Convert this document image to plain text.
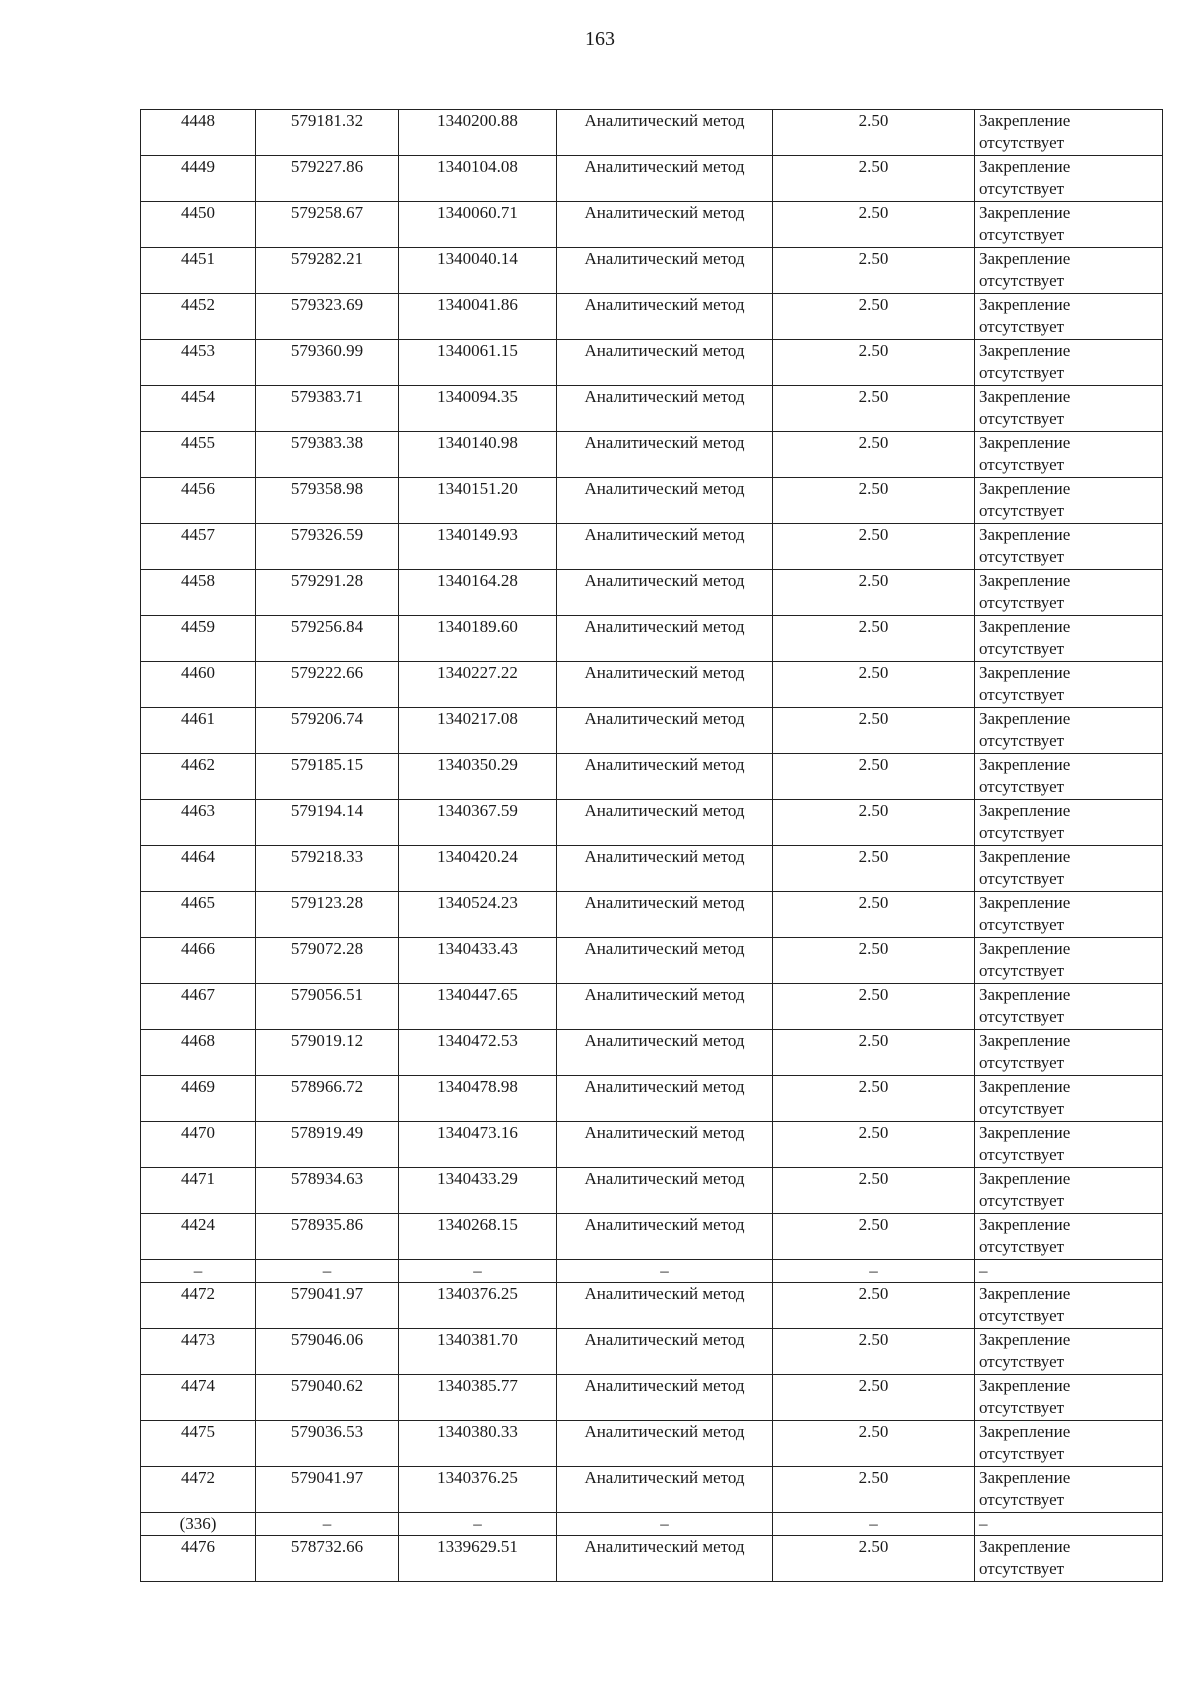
163
4448	579181.32	1340200.88	Аналитический метод	2.50	Закрепление отсутствует
4449	579227.86	1340104.08	Аналитический метод	2.50	Закрепление отсутствует
4450	579258.67	1340060.71	Аналитический метод	2.50	Закрепление отсутствует
4451	579282.21	1340040.14	Аналитический метод	2.50	Закрепление отсутствует
4452	579323.69	1340041.86	Аналитический метод	2.50	Закрепление отсутствует
4453	579360.99	1340061.15	Аналитический метод	2.50	Закрепление отсутствует
4454	579383.71	1340094.35	Аналитический метод	2.50	Закрепление отсутствует
4455	579383.38	1340140.98	Аналитический метод	2.50	Закрепление отсутствует
4456	579358.98	1340151.20	Аналитический метод	2.50	Закрепление отсутствует
4457	579326.59	1340149.93	Аналитический метод	2.50	Закрепление отсутствует
4458	579291.28	1340164.28	Аналитический метод	2.50	Закрепление отсутствует
4459	579256.84	1340189.60	Аналитический метод	2.50	Закрепление отсутствует
4460	579222.66	1340227.22	Аналитический метод	2.50	Закрепление отсутствует
4461	579206.74	1340217.08	Аналитический метод	2.50	Закрепление отсутствует
4462	579185.15	1340350.29	Аналитический метод	2.50	Закрепление отсутствует
4463	579194.14	1340367.59	Аналитический метод	2.50	Закрепление отсутствует
4464	579218.33	1340420.24	Аналитический метод	2.50	Закрепление отсутствует
4465	579123.28	1340524.23	Аналитический метод	2.50	Закрепление отсутствует
4466	579072.28	1340433.43	Аналитический метод	2.50	Закрепление отсутствует
4467	579056.51	1340447.65	Аналитический метод	2.50	Закрепление отсутствует
4468	579019.12	1340472.53	Аналитический метод	2.50	Закрепление отсутствует
4469	578966.72	1340478.98	Аналитический метод	2.50	Закрепление отсутствует
4470	578919.49	1340473.16	Аналитический метод	2.50	Закрепление отсутствует
4471	578934.63	1340433.29	Аналитический метод	2.50	Закрепление отсутствует
4424	578935.86	1340268.15	Аналитический метод	2.50	Закрепление отсутствует
–	–	–	–	–	–
4472	579041.97	1340376.25	Аналитический метод	2.50	Закрепление отсутствует
4473	579046.06	1340381.70	Аналитический метод	2.50	Закрепление отсутствует
4474	579040.62	1340385.77	Аналитический метод	2.50	Закрепление отсутствует
4475	579036.53	1340380.33	Аналитический метод	2.50	Закрепление отсутствует
4472	579041.97	1340376.25	Аналитический метод	2.50	Закрепление отсутствует
(336)	–	–	–	–	–
4476	578732.66	1339629.51	Аналитический метод	2.50	Закрепление отсутствует
